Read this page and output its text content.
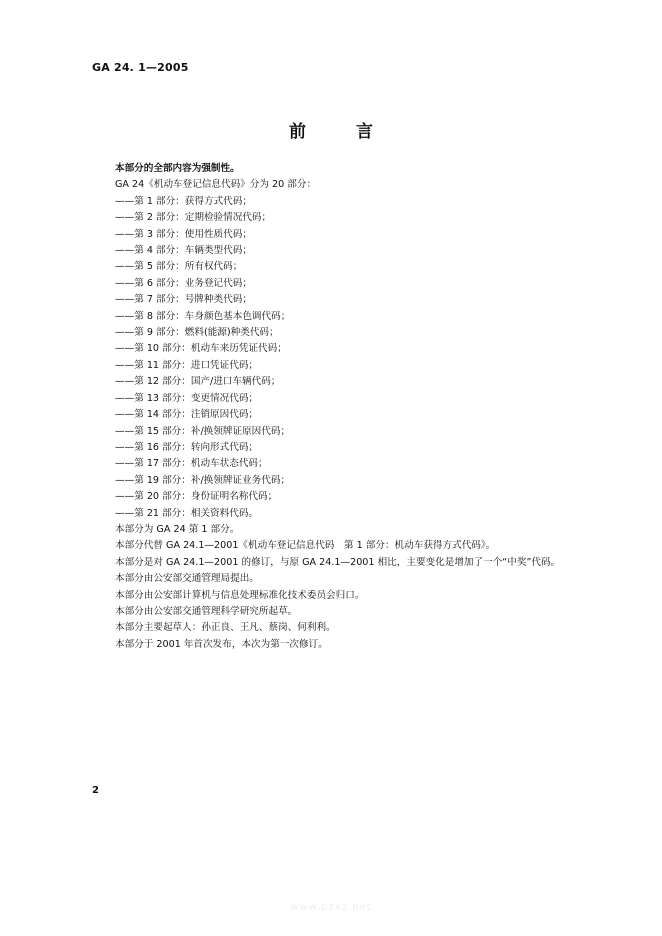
GA 24. 1—2005
前 言

本部分的全部内容为强制性。

GA 24《机动车登记信息代码》分为 20 部分：

——第 1 部分：获得方式代码；
——第 2 部分：定期检验情况代码；
——第 3 部分：使用性质代码；
——第 4 部分：车辆类型代码；
——第 5 部分：所有权代码；
——第 6 部分：业务登记代码；
——第 7 部分：号牌种类代码；
——第 8 部分：车身颜色基本色调代码；
——第 9 部分：燃料(能源)种类代码；
——第 10 部分：机动车来历凭证代码；
——第 11 部分：进口凭证代码；
——第 12 部分：国产/进口车辆代码；
——第 13 部分：变更情况代码；
——第 14 部分：注销原因代码；
——第 15 部分：补/换领牌证原因代码；
——第 16 部分：转向形式代码；
——第 17 部分：机动车状态代码；
——第 19 部分：补/换领牌证业务代码；
——第 20 部分：身份证明名称代码；
——第 21 部分：相关资料代码。

本部分为 GA 24 第 1 部分。

本部分代替 GA 24.1—2001《机动车登记信息代码　第 1 部分：机动车获得方式代码》。

本部分是对 GA 24.1—2001 的修订，与原 GA 24.1—2001 相比，主要变化是增加了一个“中奖”代码。

本部分由公安部交通管理局提出。

本部分由公安部计算机与信息处理标准化技术委员会归口。

本部分由公安部交通管理科学研究所起草。

本部分主要起草人：孙正良、王凡、蔡岗、何利利。

本部分于 2001 年首次发布，本次为第一次修订。

2
www.bzxz.net
